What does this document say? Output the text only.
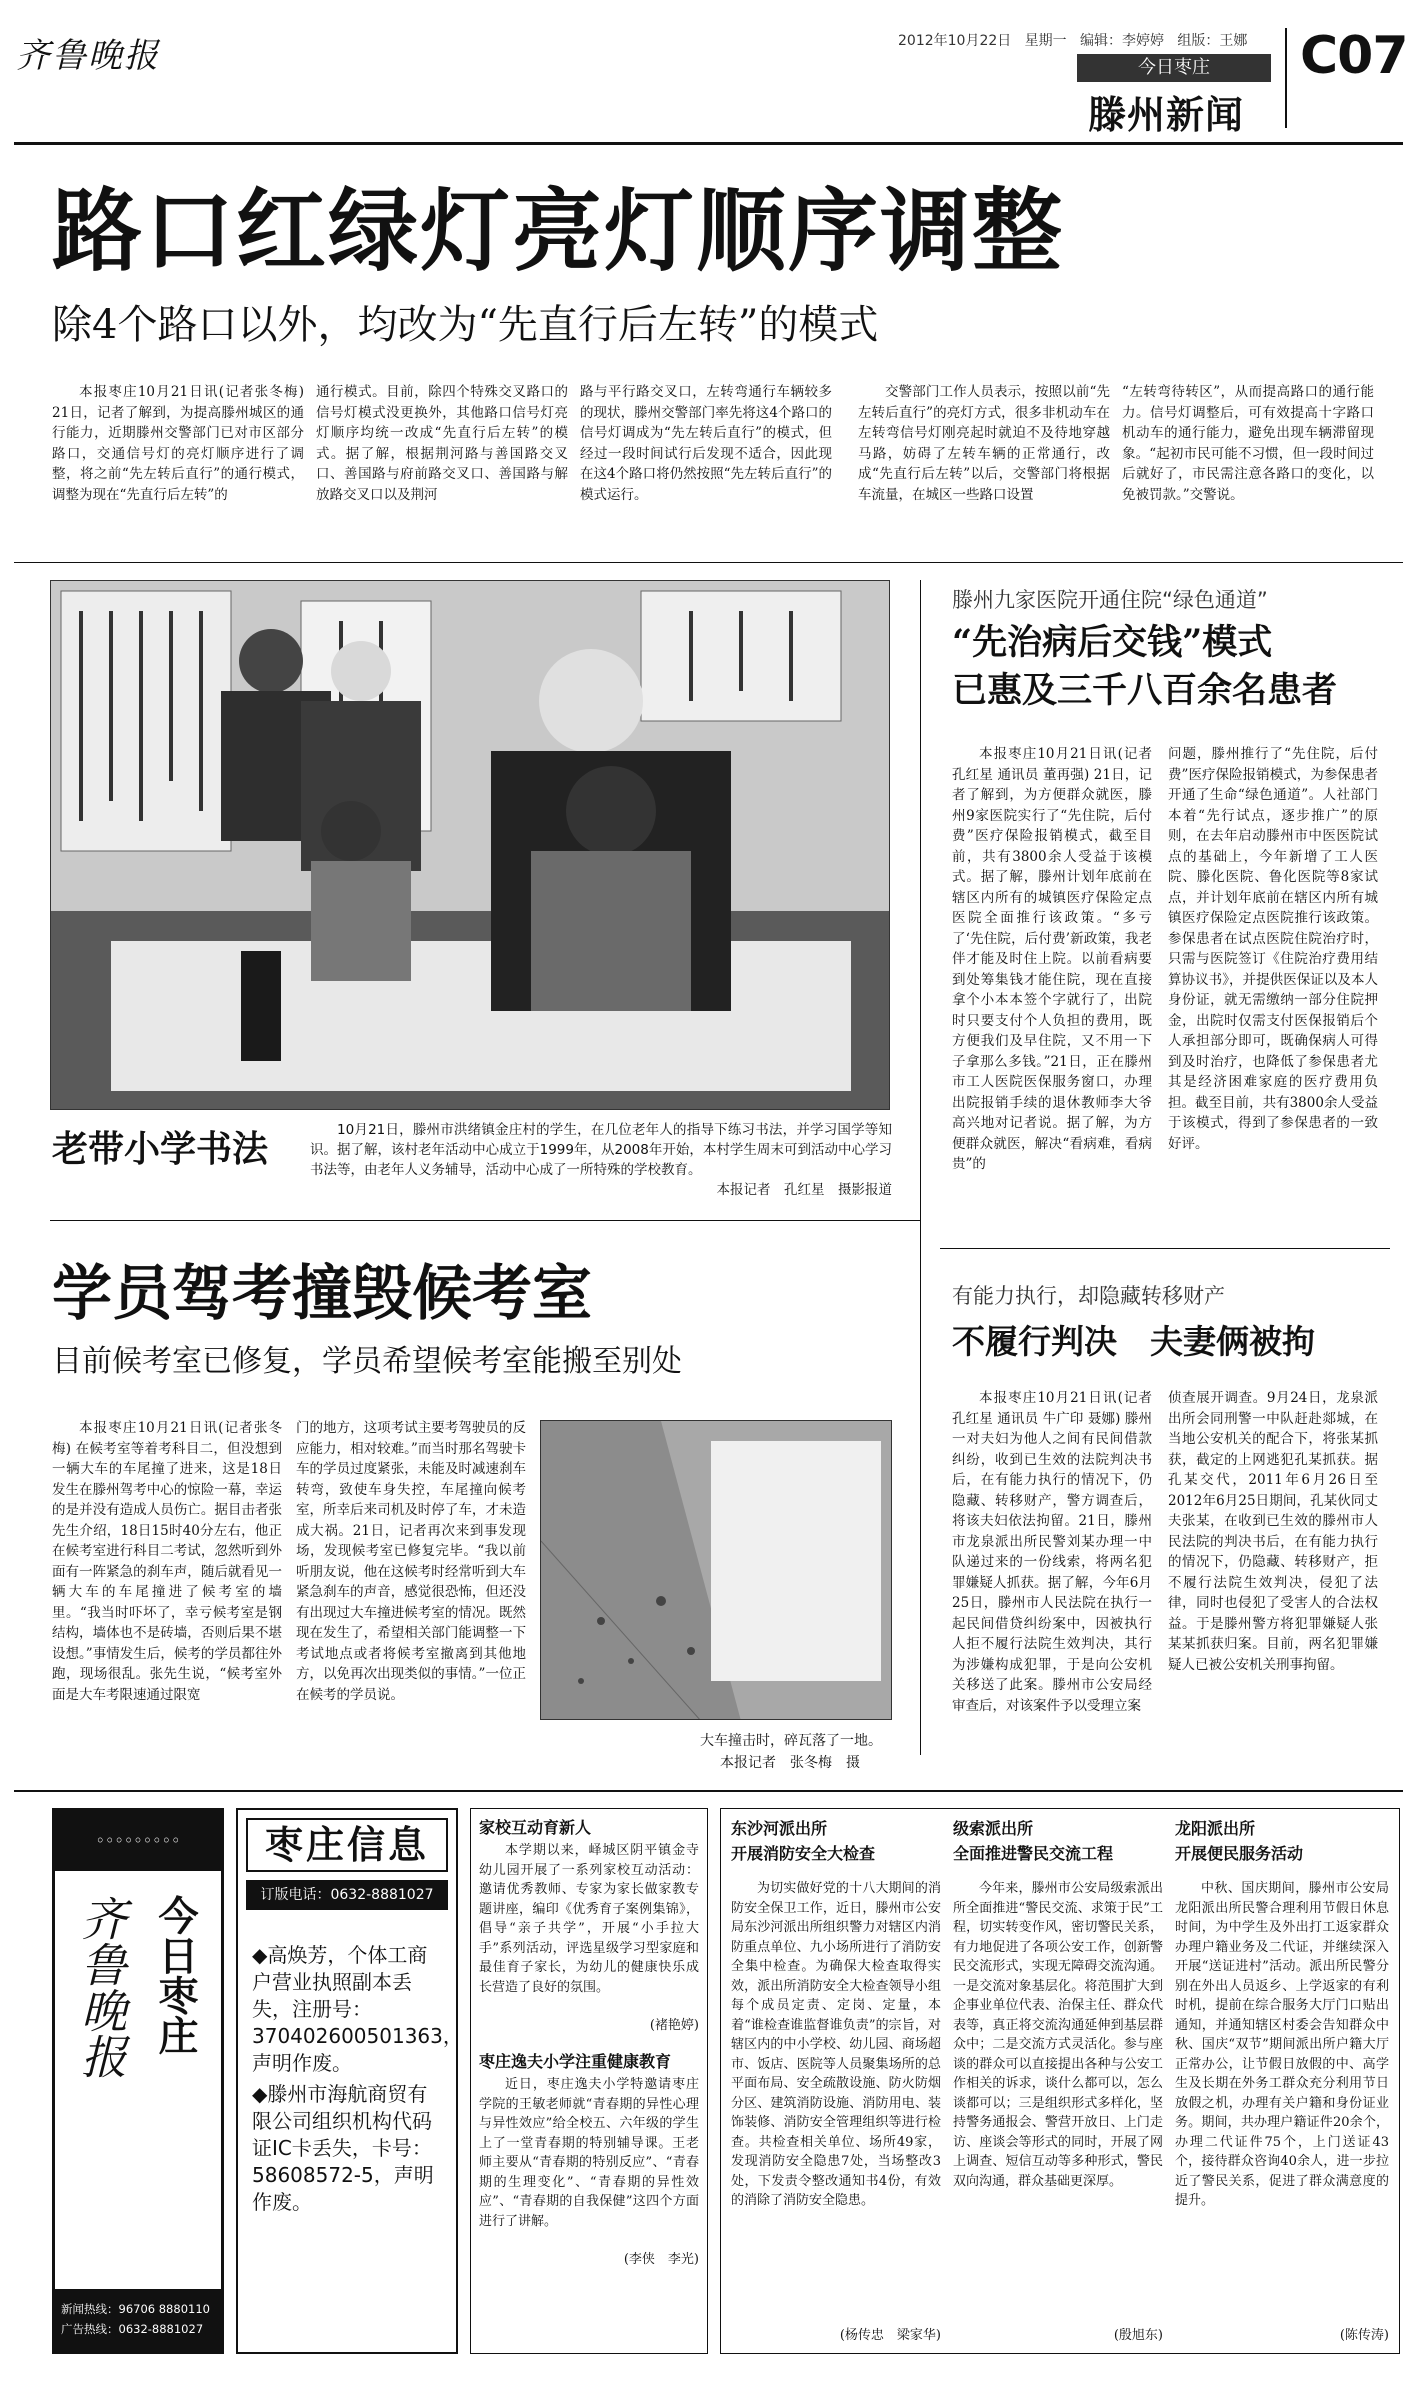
齐鲁晚报	2012年10月22日 星期一 编辑：李婷婷 组版：王娜
今日枣庄
滕州新闻
C07
路口红绿灯亮灯顺序调整
除4个路口以外，均改为“先直行后左转”的模式

本报枣庄10月21日讯(记者张冬梅) 21日，记者了解到，为提高滕州城区的通行能力，近期滕州交警部门已对市区部分路口，交通信号灯的亮灯顺序进行了调整，将之前“先左转后直行”的通行模式，调整为现在“先直行后左转”的

通行模式。目前，除四个特殊交叉路口的信号灯模式没更换外，其他路口信号灯亮灯顺序均统一改成“先直行后左转”的模式。据了解，根据荆河路与善国路交叉口、善国路与府前路交叉口、善国路与解放路交叉口以及荆河

路与平行路交叉口，左转弯通行车辆较多的现状，滕州交警部门率先将这4个路口的信号灯调成为“先左转后直行”的模式，但经过一段时间试行后发现不适合，因此现在这4个路口将仍然按照“先左转后直行”的模式运行。

交警部门工作人员表示，按照以前“先左转后直行”的亮灯方式，很多非机动车在左转弯信号灯刚亮起时就迫不及待地穿越马路，妨碍了左转车辆的正常通行，改成“先直行后左转”以后，交警部门将根据车流量，在城区一些路口设置

“左转弯待转区”，从而提高路口的通行能力。信号灯调整后，可有效提高十字路口机动车的通行能力，避免出现车辆滞留现象。“起初市民可能不习惯，但一段时间过后就好了，市民需注意各路口的变化，以免被罚款。”交警说。

老带小学书法	10月21日，滕州市洪绪镇金庄村的学生，在几位老年人的指导下练习书法，并学习国学等知识。据了解，该村老年活动中心成立于1999年，从2008年开始，本村学生周末可到活动中心学习书法等，由老年人义务辅导，活动中心成了一所特殊的学校教育。

本报记者　孔红星　摄影报道

滕州九家医院开通住院“绿色通道”
“先治病后交钱”模式
已惠及三千八百余名患者

本报枣庄10月21日讯(记者 孔红星 通讯员 董再强) 21日，记者了解到，为方便群众就医，滕州9家医院实行了“先住院，后付费”医疗保险报销模式，截至目前，共有3800余人受益于该模式。据了解，滕州计划年底前在辖区内所有的城镇医疗保险定点医院全面推行该政策。“多亏了‘先住院，后付费’新政策，我老伴才能及时住上院。以前看病要到处筹集钱才能住院，现在直接拿个小本本签个字就行了，出院时只要支付个人负担的费用，既方便我们及早住院，又不用一下子拿那么多钱。”21日，正在滕州市工人医院医保服务窗口，办理出院报销手续的退休教师李大爷高兴地对记者说。据了解，为方便群众就医，解决“看病难，看病贵”的

问题，滕州推行了“先住院，后付费”医疗保险报销模式，为参保患者开通了生命“绿色通道”。人社部门本着“先行试点，逐步推广”的原则，在去年启动滕州市中医医院试点的基础上，今年新增了工人医院、滕化医院、鲁化医院等8家试点，并计划年底前在辖区内所有城镇医疗保险定点医院推行该政策。参保患者在试点医院住院治疗时，只需与医院签订《住院治疗费用结算协议书》，并提供医保证以及本人身份证，就无需缴纳一部分住院押金，出院时仅需支付医保报销后个人承担部分即可，既确保病人可得到及时治疗，也降低了参保患者尤其是经济困难家庭的医疗费用负担。截至目前，共有3800余人受益于该模式，得到了参保患者的一致好评。

学员驾考撞毁候考室
目前候考室已修复，学员希望候考室能搬至别处

本报枣庄10月21日讯(记者张冬梅) 在候考室等着考科目二，但没想到一辆大车的车尾撞了进来，这是18日发生在滕州驾考中心的惊险一幕，幸运的是并没有造成人员伤亡。据目击者张先生介绍，18日15时40分左右，他正在候考室进行科目二考试，忽然听到外面有一阵紧急的刹车声，随后就看见一辆大车的车尾撞进了候考室的墙里。“我当时吓坏了，幸亏候考室是钢结构，墙体也不是砖墙，否则后果不堪设想。”事情发生后，候考的学员都往外跑，现场很乱。张先生说，“候考室外面是大车考限速通过限宽

门的地方，这项考试主要考驾驶员的反应能力，相对较难。”而当时那名驾驶卡车的学员过度紧张，未能及时减速刹车转弯，致使车身失控，车尾撞向候考室，所幸后来司机及时停了车，才未造成大祸。21日，记者再次来到事发现场，发现候考室已修复完毕。“我以前听朋友说，他在这候考时经常听到大车紧急刹车的声音，感觉很恐怖，但还没有出现过大车撞进候考室的情况。既然现在发生了，希望相关部门能调整一下考试地点或者将候考室撤离到其他地方，以免再次出现类似的事情。”一位正在候考的学员说。

大车撞击时，碎瓦落了一地。
本报记者　张冬梅　摄
有能力执行，却隐藏转移财产
不履行判决　夫妻俩被拘

本报枣庄10月21日讯(记者 孔红星 通讯员 牛广印 聂娜) 滕州一对夫妇为他人之间有民间借款纠纷，收到已生效的法院判决书后，在有能力执行的情况下，仍隐藏、转移财产，警方调查后，将该夫妇依法拘留。21日，滕州市龙泉派出所民警刘某办理一中队递过来的一份线索，将两名犯罪嫌疑人抓获。据了解，今年6月25日，滕州市人民法院在执行一起民间借贷纠纷案中，因被执行人拒不履行法院生效判决，其行为涉嫌构成犯罪，于是向公安机关移送了此案。滕州市公安局经审查后，对该案件予以受理立案

侦查展开调查。9月24日，龙泉派出所会同刑警一中队赶赴郯城，在当地公安机关的配合下，将张某抓获，截定的上网逃犯孔某抓获。据孔某交代，2011年6月26日至2012年6月25日期间，孔某伙同丈夫张某，在收到已生效的滕州市人民法院的判决书后，在有能力执行的情况下，仍隐藏、转移财产，拒不履行法院生效判决，侵犯了法律，同时也侵犯了受害人的合法权益。于是滕州警方将犯罪嫌疑人张某某抓获归案。目前，两名犯罪嫌疑人已被公安机关刑事拘留。

◦◦◦◦◦◦◦◦◦
齐鲁晚报 今日枣庄
新闻热线：96706 8880110
广告热线：0632-8881027
枣庄信息
订版电话：0632-8881027
◆高焕芳，个体工商户营业执照副本丢失，注册号：370402600501363，声明作废。
◆滕州市海航商贸有限公司组织机构代码证IC卡丢失，卡号：58608572-5，声明作废。
家校互动育新人

本学期以来，峄城区阴平镇金寺幼儿园开展了一系列家校互动活动：邀请优秀教师、专家为家长做家教专题讲座，编印《优秀育子案例集锦》，倡导“亲子共学”，开展“小手拉大手”系列活动，评选星级学习型家庭和最佳育子家长，为幼儿的健康快乐成长营造了良好的氛围。

(褚艳婷)
枣庄逸夫小学注重健康教育

近日，枣庄逸夫小学特邀请枣庄学院的王敏老师就“青春期的异性心理与异性效应”给全校五、六年级的学生上了一堂青春期的特别辅导课。王老师主要从“青春期的特别反应”、“青春期的生理变化”、“青春期的异性效应”、“青春期的自我保健”这四个方面进行了讲解。

(李侠　李光)
东沙河派出所
开展消防安全大检查

为切实做好党的十八大期间的消防安全保卫工作，近日，滕州市公安局东沙河派出所组织警力对辖区内消防重点单位、九小场所进行了消防安全集中检查。为确保大检查取得实效，派出所消防安全大检查领导小组每个成员定责、定岗、定量，本着“谁检查谁监督谁负责”的宗旨，对辖区内的中小学校、幼儿园、商场超市、饭店、医院等人员聚集场所的总平面布局、安全疏散设施、防火防烟分区、建筑消防设施、消防用电、装饰装修、消防安全管理组织等进行检查。共检查相关单位、场所49家，发现消防安全隐患7处，当场整改3处，下发责令整改通知书4份，有效的消除了消防安全隐患。

(杨传忠　梁家华)
级索派出所
全面推进警民交流工程

今年来，滕州市公安局级索派出所全面推进“警民交流、求策于民”工程，切实转变作风，密切警民关系，有力地促进了各项公安工作，创新警民交流形式，实现无障碍交流沟通。一是交流对象基层化。将范围扩大到企事业单位代表、治保主任、群众代表等，真正将交流沟通延伸到基层群众中；二是交流方式灵活化。参与座谈的群众可以直接提出各种与公安工作相关的诉求，谈什么都可以，怎么谈都可以；三是组织形式多样化，坚持警务通报会、警营开放日、上门走访、座谈会等形式的同时，开展了网上调查、短信互动等多种形式，警民双向沟通，群众基础更深厚。

(殷旭东)
龙阳派出所
开展便民服务活动

中秋、国庆期间，滕州市公安局龙阳派出所民警合理利用节假日休息时间，为中学生及外出打工返家群众办理户籍业务及二代证，并继续深入开展“送证进村”活动。派出所民警分别在外出人员返乡、上学返家的有利时机，提前在综合服务大厅门口贴出通知，并通知辖区村委会告知群众中秋、国庆“双节”期间派出所户籍大厅正常办公，让节假日放假的中、高学生及长期在外务工群众充分利用节日放假之机，办理有关户籍和身份证业务。期间，共办理户籍证件20余个，办理二代证件75个，上门送证43个，接待群众咨询40余人，进一步拉近了警民关系，促进了群众满意度的提升。

(陈传涛)
